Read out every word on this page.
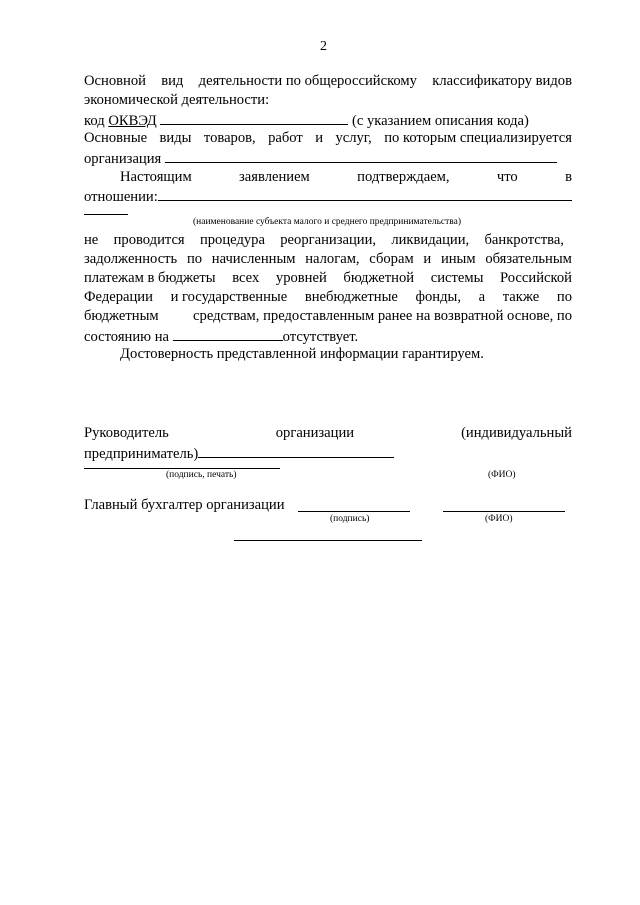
2
Основной вид деятельности по общероссийскому классификатору видов
экономической деятельности:
код ОКВЭД	(с указанием описания кода)
Основные виды товаров, работ и услуг, по которым специализируется
организация
Настоящим	заявлением	подтверждаем,	что	в
отношении:
(наименование субъекта малого и среднего предпринимательства)
не проводится процедура реорганизации, ликвидации, банкротства,
задолженность по начисленным налогам, сборам и иным обязательным
платежам в бюджеты всех уровней бюджетной системы Российской
Федерации и государственные внебюджетные фонды, а также по
бюджетным средствам, предоставленным ранее на возвратной основе, по
состоянию на	отсутствует.
Достоверность представленной информации гарантируем.
Руководитель	организации	(индивидуальный
предприниматель)
(подпись, печать)	(ФИО)
Главный бухгалтер организации
(подпись)	(ФИО)
